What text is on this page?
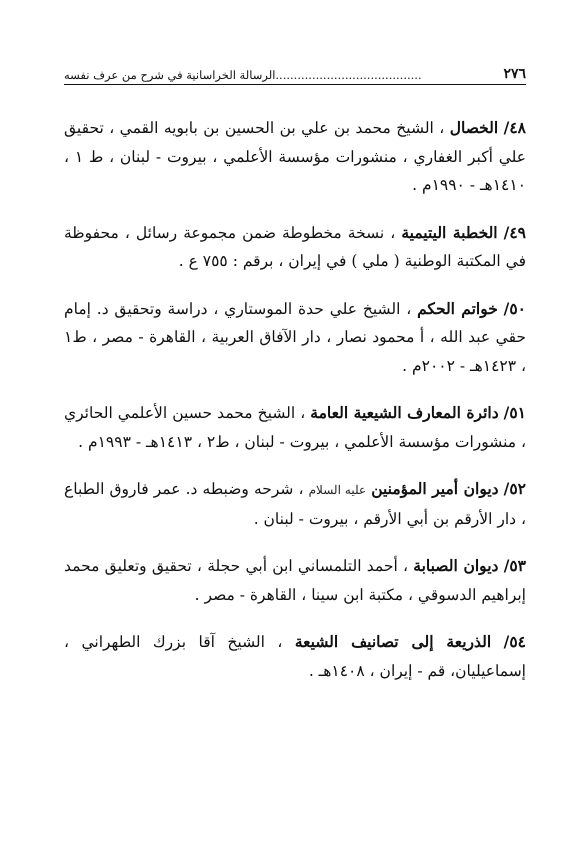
٢٧٦
........................................الرسالة الخراسانية في شرح من عرف نفسه

٤٨/ الخصال ، الشيخ محمد بن علي بن الحسين بن بابويه القمي ، تحقيق علي أكبر الغفاري ، منشورات مؤسسة الأعلمي ، بيروت - لبنان ، ط ١ ، ١٤١٠هـ - ١٩٩٠م .

٤٩/ الخطبة اليتيمية ، نسخة مخطوطة ضمن مجموعة رسائل ، محفوظة في المكتبة الوطنية ( ملي ) في إيران ، برقم : ٧٥٥ ع .

٥٠/ خواتم الحكم ، الشيخ علي حدة الموستاري ، دراسة وتحقيق د. إمام حقي عبد الله ، أ محمود نصار ، دار الآفاق العربية ، القاهرة - مصر ، ط١ ، ١٤٢٣هـ - ٢٠٠٢م .

٥١/ دائرة المعارف الشيعية العامة ، الشيخ محمد حسين الأعلمي الحائري ، منشورات مؤسسة الأعلمي ، بيروت - لبنان ، ط٢ ، ١٤١٣هـ - ١٩٩٣م .

٥٢/ ديوان أمير المؤمنين عليه السلام ، شرحه وضبطه د. عمر فاروق الطباع ، دار الأرقم بن أبي الأرقم ، بيروت - لبنان .

٥٣/ ديوان الصبابة ، أحمد التلمساني ابن أبي حجلة ، تحقيق وتعليق محمد إبراهيم الدسوقي ، مكتبة ابن سينا ، القاهرة - مصر .

٥٤/ الذريعة إلى تصانيف الشيعة ، الشيخ آقا بزرك الطهراني ، إسماعيليان، قم - إيران ، ١٤٠٨هـ .
